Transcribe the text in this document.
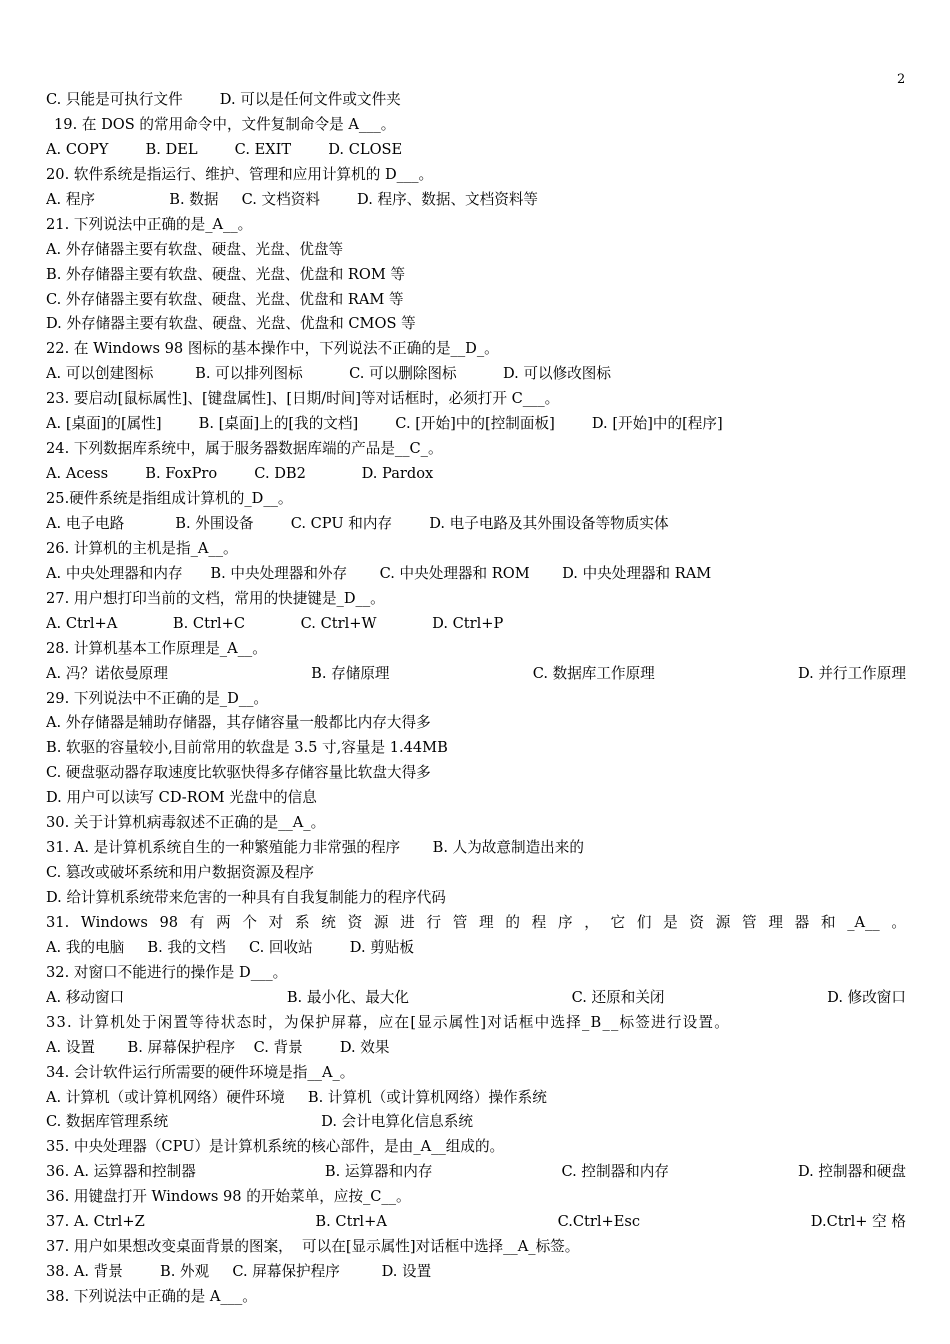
2
C. 只能是可执行文件        D. 可以是任何文件或文件夹
19. 在 DOS 的常用命令中，文件复制命令是 A___。
A. COPY        B. DEL        C. EXIT        D. CLOSE
20. 软件系统是指运行、维护、管理和应用计算机的 D___。
A. 程序                B. 数据     C. 文档资料        D. 程序、数据、文档资料等
21. 下列说法中正确的是_A__。
A. 外存储器主要有软盘、硬盘、光盘、优盘等
B. 外存储器主要有软盘、硬盘、光盘、优盘和 ROM 等
C. 外存储器主要有软盘、硬盘、光盘、优盘和 RAM 等
D. 外存储器主要有软盘、硬盘、光盘、优盘和 CMOS 等
22. 在 Windows 98 图标的基本操作中，下列说法不正确的是__D_。
A. 可以创建图标         B. 可以排列图标          C. 可以删除图标          D. 可以修改图标
23. 要启动[鼠标属性]、[键盘属性]、[日期/时间]等对话框时，必须打开 C___。
A. [桌面]的[属性]        B. [桌面]上的[我的文档]        C. [开始]中的[控制面板]        D. [开始]中的[程序]
24. 下列数据库系统中，属于服务器数据库端的产品是__C_。
A. Acess        B. FoxPro        C. DB2            D. Pardox
25.硬件系统是指组成计算机的_D__。
A. 电子电路           B. 外围设备        C. CPU 和内存        D. 电子电路及其外围设备等物质实体
26. 计算机的主机是指_A__。
A. 中央处理器和内存      B. 中央处理器和外存       C. 中央处理器和 ROM       D. 中央处理器和 RAM
27. 用户想打印当前的文档，常用的快捷键是_D__。
A. Ctrl+A            B. Ctrl+C            C. Ctrl+W            D. Ctrl+P
28. 计算机基本工作原理是_A__。
A. 冯？诺依曼原理	B. 存储原理	C. 数据库工作原理	D. 并行工作原理
29. 下列说法中不正确的是_D__。
A. 外存储器是辅助存储器，其存储容量一般都比内存大得多
B. 软驱的容量较小,目前常用的软盘是 3.5 寸,容量是 1.44MB
C. 硬盘驱动器存取速度比软驱快得多存储容量比软盘大得多
D. 用户可以读写 CD-ROM 光盘中的信息
30. 关于计算机病毒叙述不正确的是__A_。
31. A. 是计算机系统自生的一种繁殖能力非常强的程序       B. 人为故意制造出来的
C. 篡改或破坏系统和用户数据资源及程序
D. 给计算机系统带来危害的一种具有自我复制能力的程序代码
31. Windows 98 有 两 个 对 系 统 资 源 进 行 管 理 的 程 序 ， 它 们 是 资 源 管 理 器 和 _A__ 。
A. 我的电脑     B. 我的文档     C. 回收站        D. 剪贴板
32. 对窗口不能进行的操作是 D___。
A. 移动窗口	B. 最小化、最大化	C. 还原和关闭	D. 修改窗口
33. 计算机处于闲置等待状态时，为保护屏幕，应在[显示属性]对话框中选择_B__标签进行设置。
A. 设置       B. 屏幕保护程序    C. 背景        D. 效果
34. 会计软件运行所需要的硬件环境是指__A_。
A. 计算机（或计算机网络）硬件环境     B. 计算机（或计算机网络）操作系统
C. 数据库管理系统                                 D. 会计电算化信息系统
35. 中央处理器（CPU）是计算机系统的核心部件，是由_A__组成的。
36. A. 运算器和控制器	B. 运算器和内存	C. 控制器和内存	D. 控制器和硬盘
36. 用键盘打开 Windows 98 的开始菜单，应按_C__。
37. A. Ctrl+Z	B. Ctrl+A	C.Ctrl+Esc	D.Ctrl+ 空 格
37. 用户如果想改变桌面背景的图案，  可以在[显示属性]对话框中选择__A_标签。
38. A. 背景        B. 外观     C. 屏幕保护程序         D. 设置
38. 下列说法中正确的是 A___。
